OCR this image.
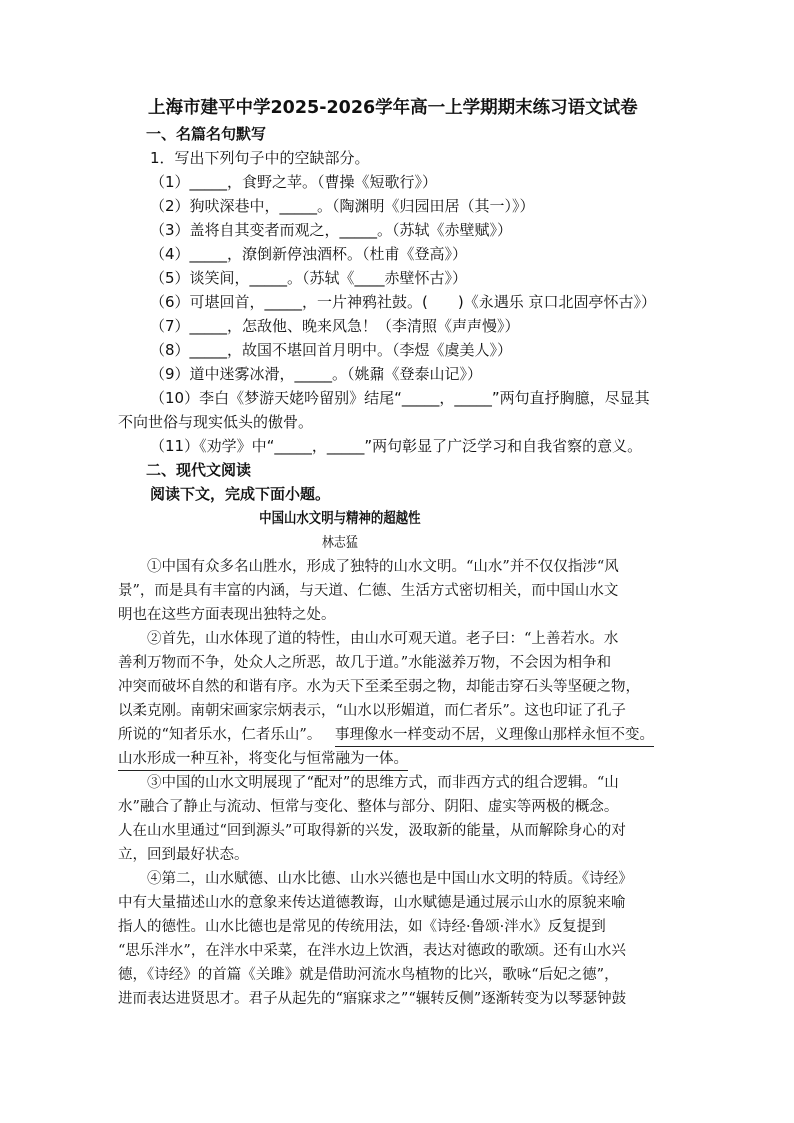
上海市建平中学2025-2026学年高一上学期期末练习语文试卷
一、名篇名句默写
1．写出下列句子中的空缺部分。
（1）_____，食野之苹。（曹操《短歌行》）
（2）狗吠深巷中，_____。（陶渊明《归园田居（其一）》）
（3）盖将自其变者而观之，_____。（苏轼《赤壁赋》）
（4）_____，潦倒新停浊酒杯。（杜甫《登高》）
（5）谈笑间，_____。（苏轼《____赤壁怀古》）
（6）可堪回首，_____，一片神鸦社鼓。(　　)《永遇乐 京口北固亭怀古》）
（7）_____，怎敌他、晚来风急！（李清照《声声慢》）
（8）_____，故国不堪回首月明中。（李煜《虞美人》）
（9）道中迷雾冰滑，_____。（姚鼐《登泰山记》）
（10）李白《梦游天姥吟留别》结尾“_____，_____”两句直抒胸臆，尽显其
不向世俗与现实低头的傲骨。
（11）《劝学》中“_____，_____”两句彰显了广泛学习和自我省察的意义。
二、现代文阅读
阅读下文，完成下面小题。
中国山水文明与精神的超越性
林志猛
①中国有众多名山胜水，形成了独特的山水文明。“山水”并不仅仅指涉“风
景”，而是具有丰富的内涵，与天道、仁德、生活方式密切相关，而中国山水文
明也在这些方面表现出独特之处。
②首先，山水体现了道的特性，由山水可观天道。老子曰：“上善若水。水
善利万物而不争，处众人之所恶，故几于道。”水能滋养万物，不会因为相争和
冲突而破坏自然的和谐有序。水为天下至柔至弱之物，却能击穿石头等坚硬之物，
以柔克刚。南朝宋画家宗炳表示，“山水以形媚道，而仁者乐”。这也印证了孔子
所说的“知者乐水，仁者乐山”。 事理像水一样变动不居，义理像山那样永恒不变。
山水形成一种互补，将变化与恒常融为一体。
③中国的山水文明展现了“配对”的思维方式，而非西方式的组合逻辑。“山
水”融合了静止与流动、恒常与变化、整体与部分、阴阳、虚实等两极的概念。
人在山水里通过“回到源头”可取得新的兴发，汲取新的能量，从而解除身心的对
立，回到最好状态。
④第二，山水赋德、山水比德、山水兴德也是中国山水文明的特质。《诗经》
中有大量描述山水的意象来传达道德教诲，山水赋德是通过展示山水的原貌来喻
指人的德性。山水比德也是常见的传统用法，如《诗经·鲁颂·泮水》反复提到
“思乐泮水”，在泮水中采菜，在泮水边上饮酒，表达对德政的歌颂。还有山水兴
德，《诗经》的首篇《关雎》就是借助河流水鸟植物的比兴，歌咏“后妃之德”，
进而表达进贤思才。君子从起先的“寤寐求之”“辗转反侧”逐渐转变为以琴瑟钟鼓
